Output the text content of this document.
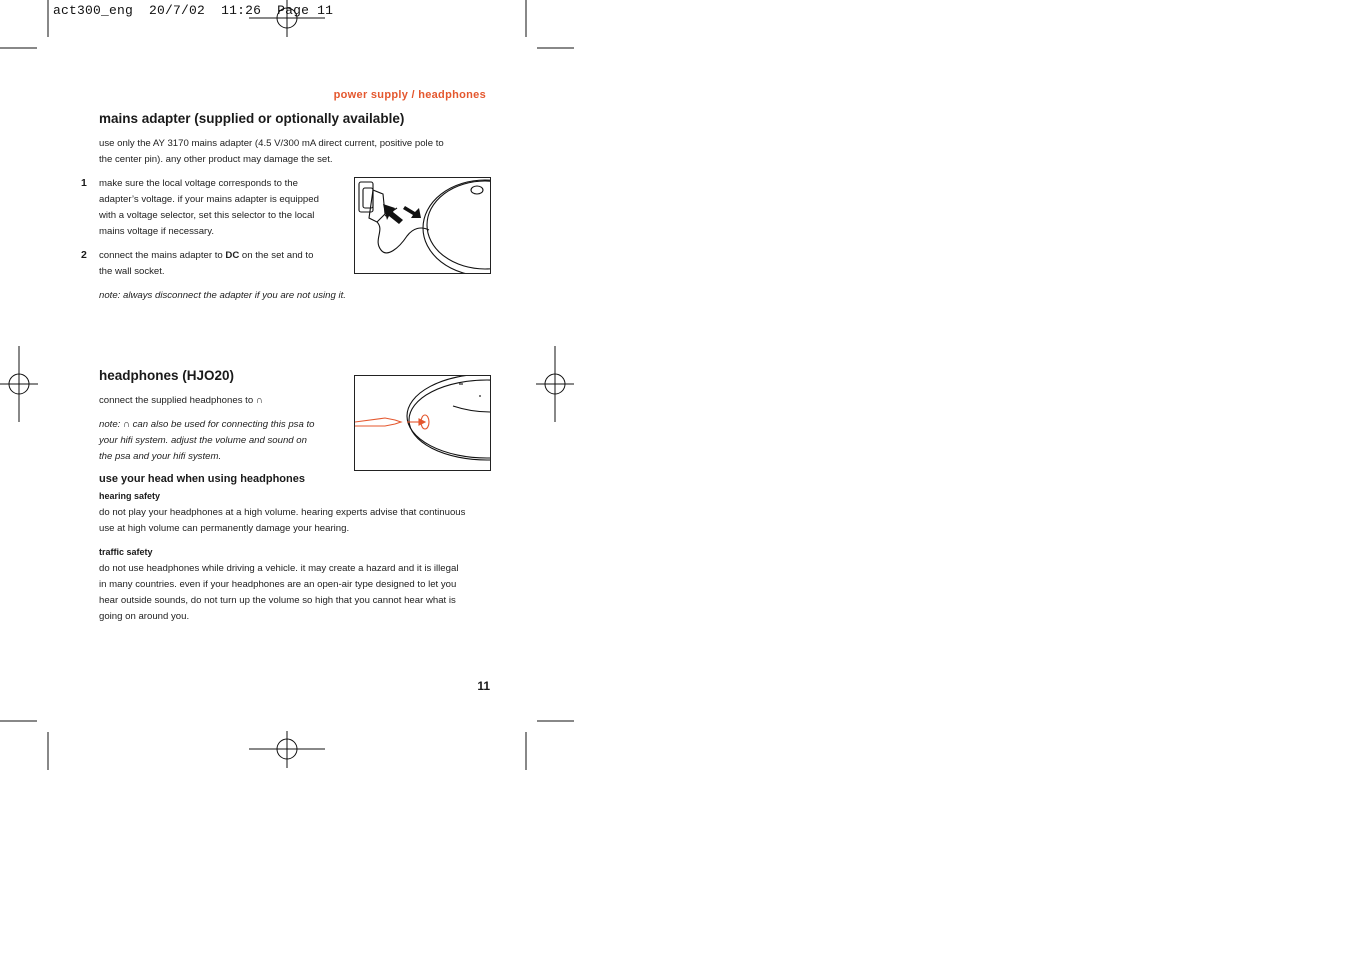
act300_eng 20/7/02 11:26 Page 11
power supply / headphones
mains adapter (supplied or optionally available)
use only the AY 3170 mains adapter (4.5 V/300 mA direct current, positive pole to
the center pin). any other product may damage the set.
1 make sure the local voltage corresponds to the
adapter’s voltage. if your mains adapter is equipped
with a voltage selector, set this selector to the local
mains voltage if necessary.
2 connect the mains adapter to DC on the set and to
the wall socket.
note: always disconnect the adapter if you are not using it.
headphones (HJO20)
connect the supplied headphones to ∩
note: ∩ can also be used for connecting this psa to
your hifi system. adjust the volume and sound on
the psa and your hifi system.
use your head when using headphones
hearing safety
do not play your headphones at a high volume. hearing experts advise that continuous
use at high volume can permanently damage your hearing.
traffic safety
do not use headphones while driving a vehicle. it may create a hazard and it is illegal
in many countries. even if your headphones are an open-air type designed to let you
hear outside sounds, do not turn up the volume so high that you cannot hear what is
going on around you.
11
